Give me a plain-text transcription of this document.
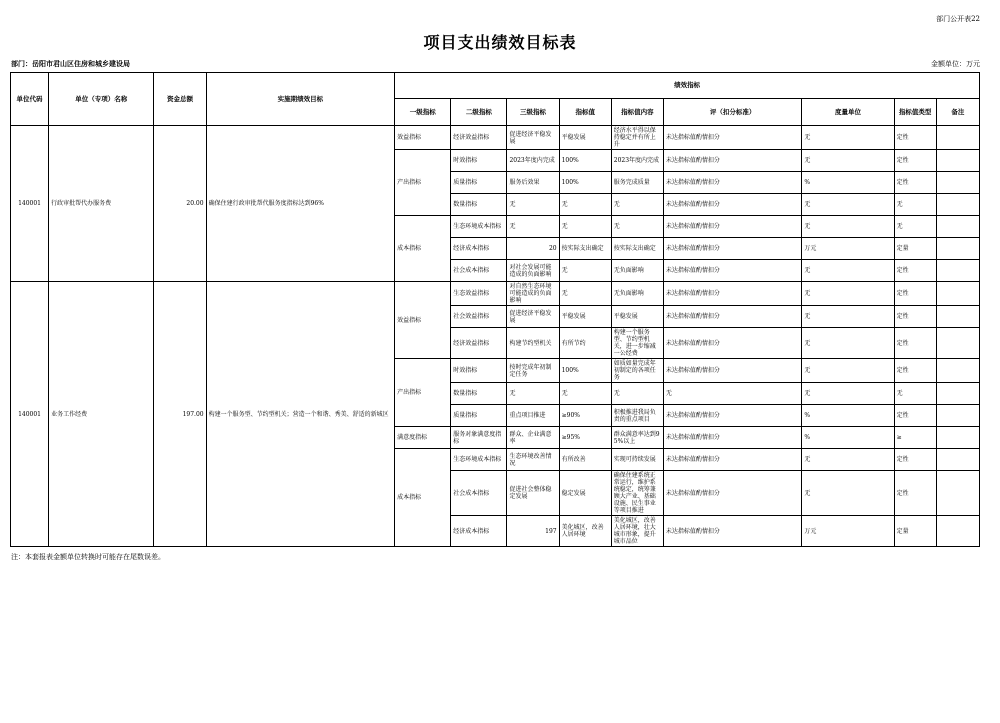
部门公开表22
项目支出绩效目标表
部门：岳阳市君山区住房和城乡建设局	金额单位：万元
单位代码	单位（专项）名称	资金总额	实施期绩效目标	绩效指标								
				一级指标	二级指标	三级指标	指标值	指标值内容	评（扣分标准）	度量单位	指标值类型	备注
140001	行政审批帮代办服务费	20.00	确保住建行政审批帮代服务度指标达到96%	效益指标	经济效益指标	促进经济平稳发展	平稳发展	经济水平得以保持稳定并有所上升	未达指标值酌情扣分	无	定性	
				产出指标	时效指标	2023年度内完成	100%	2023年度内完成	未达指标值酌情扣分	无	定性	
					质量指标	服务后效果	100%	服务完成质量	未达指标值酌情扣分	%	定性	
					数量指标	无	无	无	未达指标值酌情扣分	无	无	
				成本指标	生态环境成本指标	无	无	无	未达指标值酌情扣分	无	无	
					经济成本指标	20	按实际支出确定	按实际支出确定	未达指标值酌情扣分	万元	定量	
					社会成本指标	对社会发展可能造成的负面影响	无	无负面影响	未达指标值酌情扣分	无	定性	
140001	业务工作经费	197.00	构建一个服务型、节约型机关；营造一个和谐、秀美、舒适的新城区	效益指标	生态效益指标	对自然生态环境可能造成的负面影响	无	无负面影响	未达指标值酌情扣分	无	定性	
					社会效益指标	促进经济平稳发展	平稳发展	平稳发展	未达指标值酌情扣分	无	定性	
					经济效益指标	构建节约型机关	有所节约	构建一个服务型、节约型机关，进一步缩减一公经费	未达指标值酌情扣分	无	定性	
				产出指标	时效指标	按时完成年初制定任务	100%	如质如量完成年初制定的各项任务	未达指标值酌情扣分	无	定性	
					数量指标	无	无	无	无	无	无	
					质量指标	重点项目推进	≥90%	积极推进我局负责的重点项目	未达指标值酌情扣分	%	定性	
				满意度指标	服务对象满意度指标	群众、企业满意率	≥95%	群众满意率达到95%以上	未达指标值酌情扣分	%	≥	
				成本指标	生态环境成本指标	生态环境改善情况	有所改善	实现可持续发展	未达指标值酌情扣分	无	定性	
					社会成本指标	促进社会整体稳定发展	稳定发展	确保住建系统正常运行，维护系统稳定，统筹兼顾大产业、基础设施、民生事业等项目推进	未达指标值酌情扣分	无	定性	
					经济成本指标	197	美化城区，改善人居环境	美化城区，改善人居环境，壮大城市形象，提升城市品位	未达指标值酌情扣分	万元	定量	
注：本套报表金额单位转换时可能存在尾数误差。
